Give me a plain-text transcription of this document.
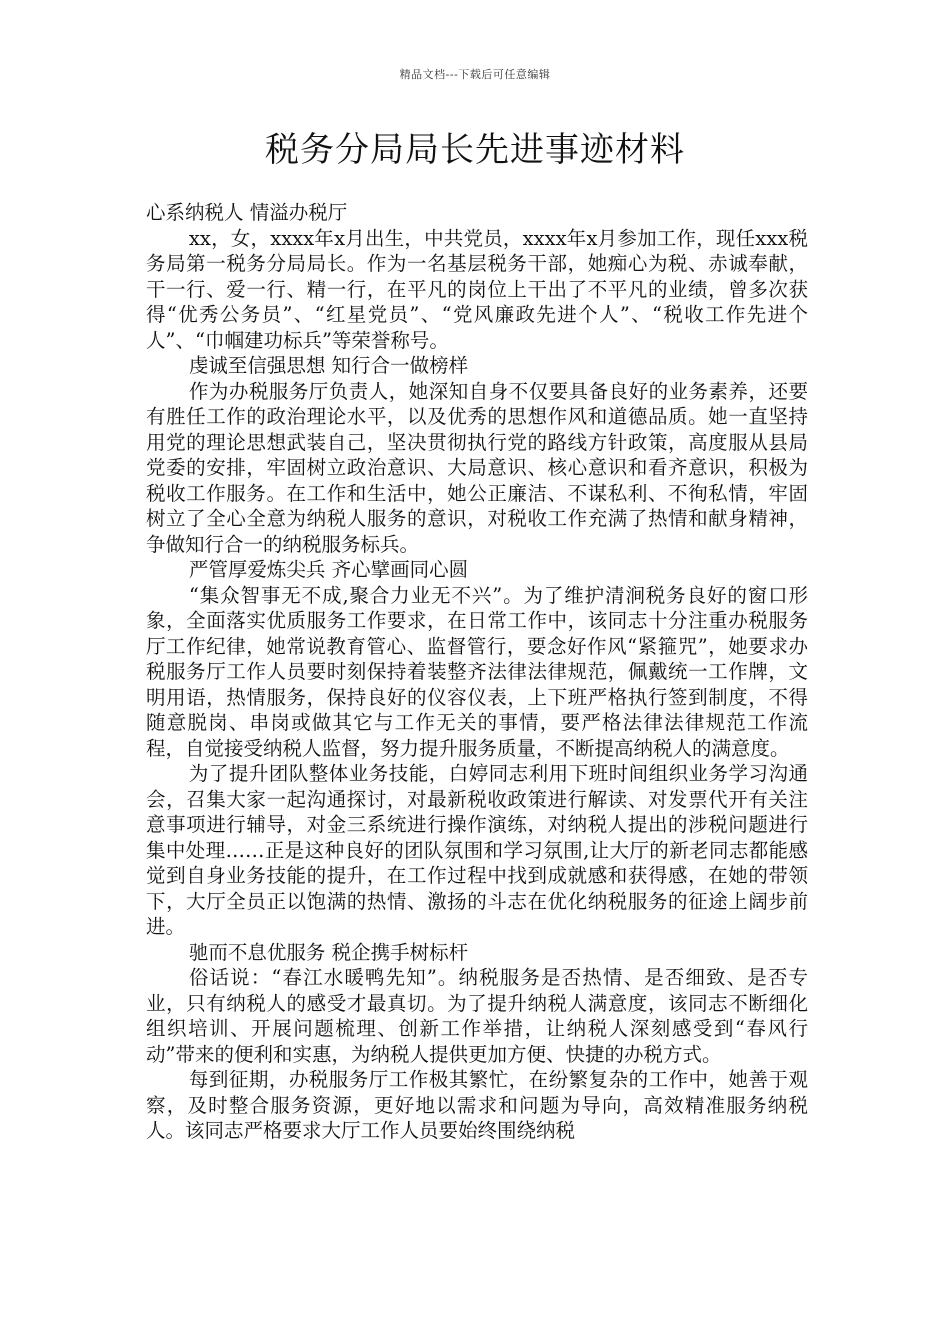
精品文档---下载后可任意编辑
税务分局局长先进事迹材料

心系纳税人 情溢办税厅

xx，女，xxxx年x月出生，中共党员，xxxx年x月参加工作，现任xxx税务局第一税务分局局长。作为一名基层税务干部，她痴心为税、赤诚奉献，干一行、爱一行、精一行，在平凡的岗位上干出了不平凡的业绩，曾多次获得“优秀公务员”、“红星党员”、“党风廉政先进个人”、“税收工作先进个人”、“巾帼建功标兵”等荣誉称号。

虔诚至信强思想 知行合一做榜样

作为办税服务厅负责人，她深知自身不仅要具备良好的业务素养，还要有胜任工作的政治理论水平，以及优秀的思想作风和道德品质。她一直坚持用党的理论思想武装自己，坚决贯彻执行党的路线方针政策，高度服从县局党委的安排，牢固树立政治意识、大局意识、核心意识和看齐意识，积极为税收工作服务。在工作和生活中，她公正廉洁、不谋私利、不徇私情，牢固树立了全心全意为纳税人服务的意识，对税收工作充满了热情和献身精神，争做知行合一的纳税服务标兵。

严管厚爱炼尖兵 齐心擘画同心圆

“集众智事无不成,聚合力业无不兴”。为了维护清涧税务良好的窗口形象，全面落实优质服务工作要求，在日常工作中，该同志十分注重办税服务厅工作纪律，她常说教育管心、监督管行，要念好作风“紧箍咒”，她要求办税服务厅工作人员要时刻保持着装整齐法律法律规范，佩戴统一工作牌，文明用语，热情服务，保持良好的仪容仪表，上下班严格执行签到制度，不得随意脱岗、串岗或做其它与工作无关的事情，要严格法律法律规范工作流程，自觉接受纳税人监督，努力提升服务质量，不断提高纳税人的满意度。

为了提升团队整体业务技能，白婷同志利用下班时间组织业务学习沟通会，召集大家一起沟通探讨，对最新税收政策进行解读、对发票代开有关注意事项进行辅导，对金三系统进行操作演练，对纳税人提出的涉税问题进行集中处理……正是这种良好的团队氛围和学习氛围,让大厅的新老同志都能感觉到自身业务技能的提升，在工作过程中找到成就感和获得感，在她的带领下，大厅全员正以饱满的热情、激扬的斗志在优化纳税服务的征途上阔步前进。

驰而不息优服务 税企携手树标杆

俗话说：“春江水暖鸭先知”。纳税服务是否热情、是否细致、是否专业，只有纳税人的感受才最真切。为了提升纳税人满意度，该同志不断细化组织培训、开展问题梳理、创新工作举措，让纳税人深刻感受到“春风行动”带来的便利和实惠，为纳税人提供更加方便、快捷的办税方式。

每到征期，办税服务厅工作极其繁忙，在纷繁复杂的工作中，她善于观察，及时整合服务资源，更好地以需求和问题为导向，高效精准服务纳税人。该同志严格要求大厅工作人员要始终围绕纳税
